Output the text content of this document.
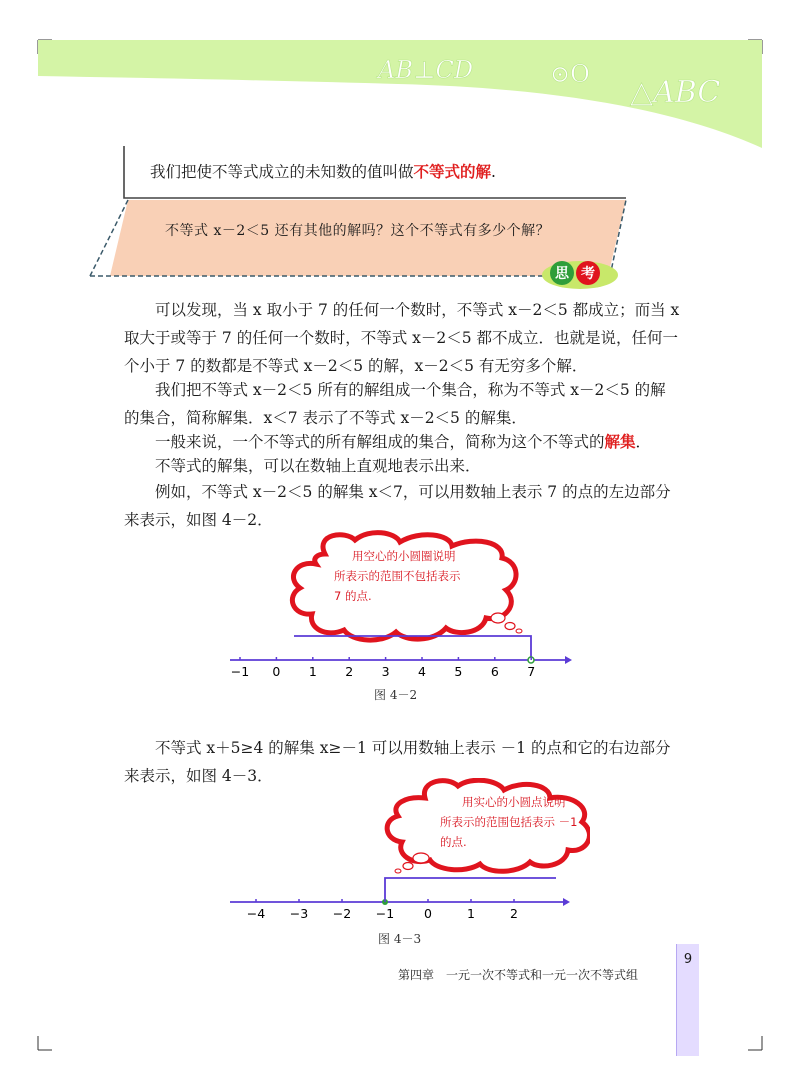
AB⊥CD	⊙O
△ABC
我们把使不等式成立的未知数的值叫做不等式的解.
不等式 x－2＜5 还有其他的解吗？这个不等式有多少个解？
思 考
可以发现，当 x 取小于 7 的任何一个数时，不等式 x－2＜5 都成立；而当 x 取大于或等于 7 的任何一个数时，不等式 x－2＜5 都不成立．也就是说，任何一个小于 7 的数都是不等式 x－2＜5 的解，x－2＜5 有无穷多个解．
我们把不等式 x－2＜5 所有的解组成一个集合，称为不等式 x－2＜5 的解的集合，简称解集．x＜7 表示了不等式 x－2＜5 的解集．
一般来说，一个不等式的所有解组成的集合，简称为这个不等式的解集．
不等式的解集，可以在数轴上直观地表示出来．
例如，不等式 x－2＜5 的解集 x＜7，可以用数轴上表示 7 的点的左边部分来表示，如图 4－2．
−1 0 1 2 3 4 5 6 7
用空心的小圆圈说明
所表示的范围不包括表示
7 的点.
图 4－2
不等式 x＋5≥4 的解集 x≥－1 可以用数轴上表示 －1 的点和它的右边部分来表示，如图 4－3．
−4 −3 −2 −1 0	1	2
用实心的小圆点说明
所表示的范围包括表示 －1
的点.
图 4－3
第四章　一元一次不等式和一元一次不等式组
9
